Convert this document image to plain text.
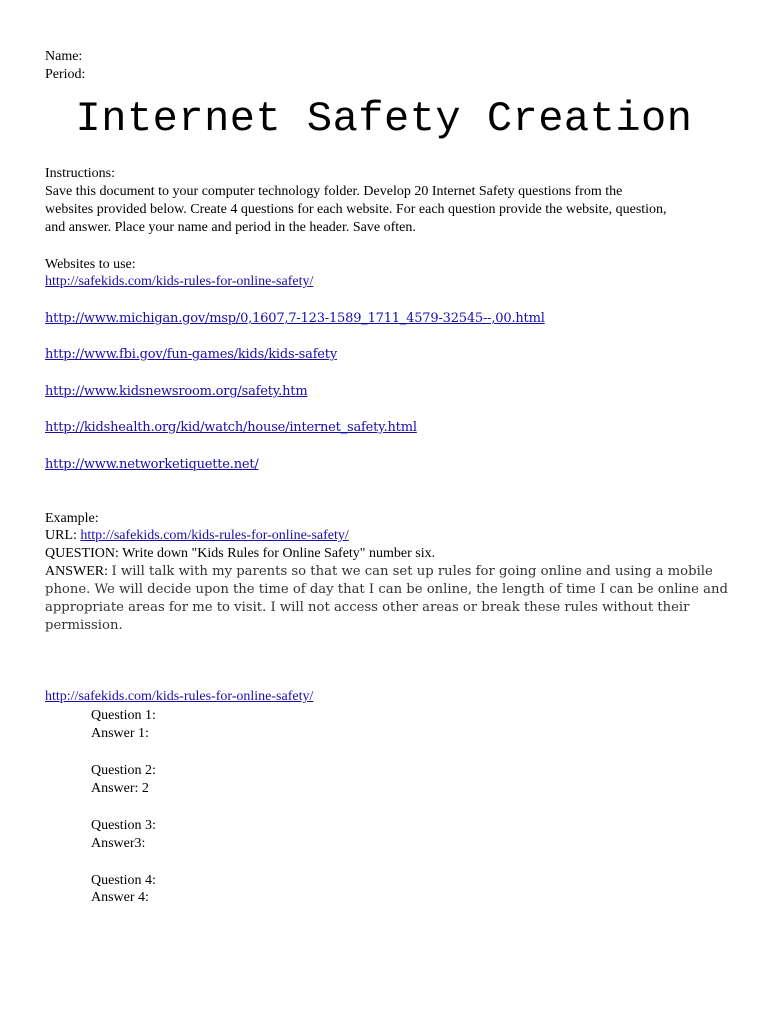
Name:
Period:
Internet Safety Creation
Instructions:
Save this document to your computer technology folder. Develop 20 Internet Safety questions from the
websites provided below. Create 4 questions for each website. For each question provide the website, question,
and answer. Place your name and period in the header. Save often.
Websites to use:
http://safekids.com/kids-rules-for-online-safety/
http://www.michigan.gov/msp/0,1607,7-123-1589_1711_4579-32545--,00.html
http://www.fbi.gov/fun-games/kids/kids-safety
http://www.kidsnewsroom.org/safety.htm
http://kidshealth.org/kid/watch/house/internet_safety.html
http://www.networketiquette.net/
Example:
URL: http://safekids.com/kids-rules-for-online-safety/
QUESTION: Write down "Kids Rules for Online Safety" number six.
ANSWER: I will talk with my parents so that we can set up rules for going online and using a mobile
phone. We will decide upon the time of day that I can be online, the length of time I can be online and
appropriate areas for me to visit. I will not access other areas or break these rules without their
permission.
http://safekids.com/kids-rules-for-online-safety/
Question 1:
Answer 1:
Question 2:
Answer: 2
Question 3:
Answer3:
Question 4:
Answer 4:
